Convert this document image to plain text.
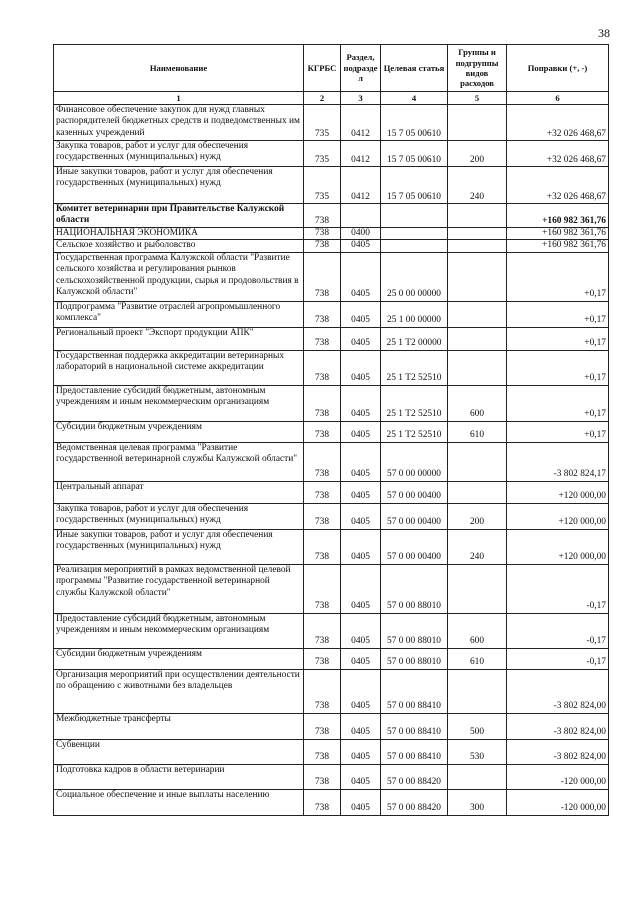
38
Наименование	КГРБС	Раздел, подразде л	Целевая статья	Группы и подгруппы видов расходов	Поправки (+, -)
1	2	3	4	5	6
Финансовое обеспечение закупок для нужд главных распорядителей бюджетных средств и подведомственных им казенных учреждений	735	0412	15 7 05 00610		+32 026 468,67
Закупка товаров, работ и услуг для обеспечения государственных (муниципальных) нужд	735	0412	15 7 05 00610	200	+32 026 468,67
Иные закупки товаров, работ и услуг для обеспечения государственных (муниципальных) нужд	735	0412	15 7 05 00610	240	+32 026 468,67
Комитет ветеринарии при Правительстве Калужской области	738				+160 982 361,76
НАЦИОНАЛЬНАЯ ЭКОНОМИКА	738	0400			+160 982 361,76
Сельское хозяйство и рыболовство	738	0405			+160 982 361,76
Государственная программа Калужской области "Развитие сельского хозяйства и регулирования рынков сельскохозяйственной продукции, сырья и продовольствия в Калужской области"	738	0405	25 0 00 00000		+0,17
Подпрограмма "Развитие отраслей агропромышленного комплекса"	738	0405	25 1 00 00000		+0,17
Региональный проект "Экспорт продукции АПК"	738	0405	25 1 Т2 00000		+0,17
Государственная поддержка аккредитации ветеринарных лабораторий в национальной системе аккредитации	738	0405	25 1 Т2 52510		+0,17
Предоставление субсидий бюджетным, автономным учреждениям и иным некоммерческим организациям	738	0405	25 1 Т2 52510	600	+0,17
Субсидии бюджетным учреждениям	738	0405	25 1 Т2 52510	610	+0,17
Ведомственная целевая программа "Развитие государственной ветеринарной службы Калужской области"	738	0405	57 0 00 00000		-3 802 824,17
Центральный аппарат	738	0405	57 0 00 00400		+120 000,00
Закупка товаров, работ и услуг для обеспечения государственных (муниципальных) нужд	738	0405	57 0 00 00400	200	+120 000,00
Иные закупки товаров, работ и услуг для обеспечения государственных (муниципальных) нужд	738	0405	57 0 00 00400	240	+120 000,00
Реализация мероприятий в рамках ведомственной целевой программы "Развитие государственной ветеринарной службы Калужской области"	738	0405	57 0 00 88010		-0,17
Предоставление субсидий бюджетным, автономным учреждениям и иным некоммерческим организациям	738	0405	57 0 00 88010	600	-0,17
Субсидии бюджетным учреждениям	738	0405	57 0 00 88010	610	-0,17
Организация мероприятий при осуществлении деятельности по обращению с животными без владельцев	738	0405	57 0 00 88410		-3 802 824,00
Межбюджетные трансферты	738	0405	57 0 00 88410	500	-3 802 824,00
Субвенции	738	0405	57 0 00 88410	530	-3 802 824,00
Подготовка кадров в области ветеринарии	738	0405	57 0 00 88420		-120 000,00
Социальное обеспечение и иные выплаты населению	738	0405	57 0 00 88420	300	-120 000,00
